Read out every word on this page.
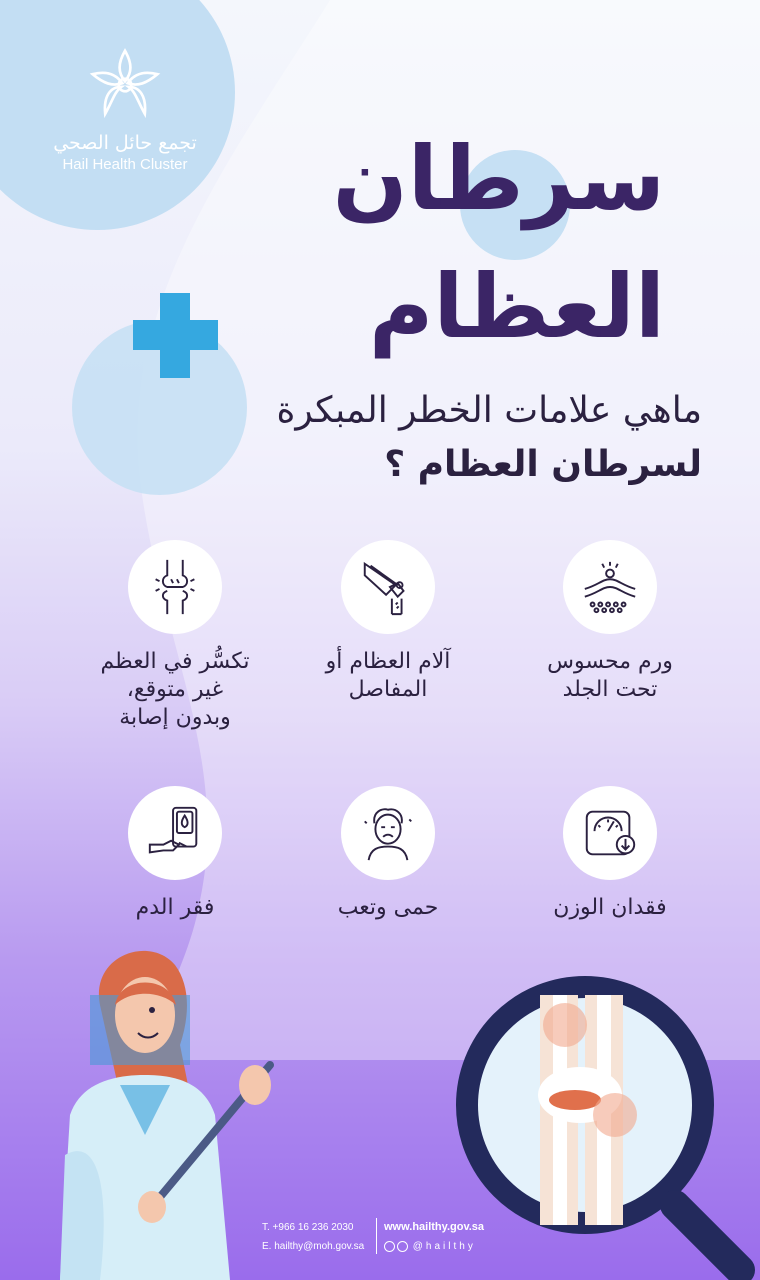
تجمع حائل الصحي
Hail Health Cluster	سرطان
العظام
ماهي علامات الخطر المبكرة
لسرطان العظام ؟
ورم محسوس
تحت الجلد
آلام العظام أو
المفاصل
تكسُّر في العظم
غير متوقع،
وبدون إصابة
فقدان الوزن
حمى وتعب
فقر الدم
T. +966 16 236 2030
E. hailthy@moh.gov.sa
www.hailthy.gov.sa
@hailthy
